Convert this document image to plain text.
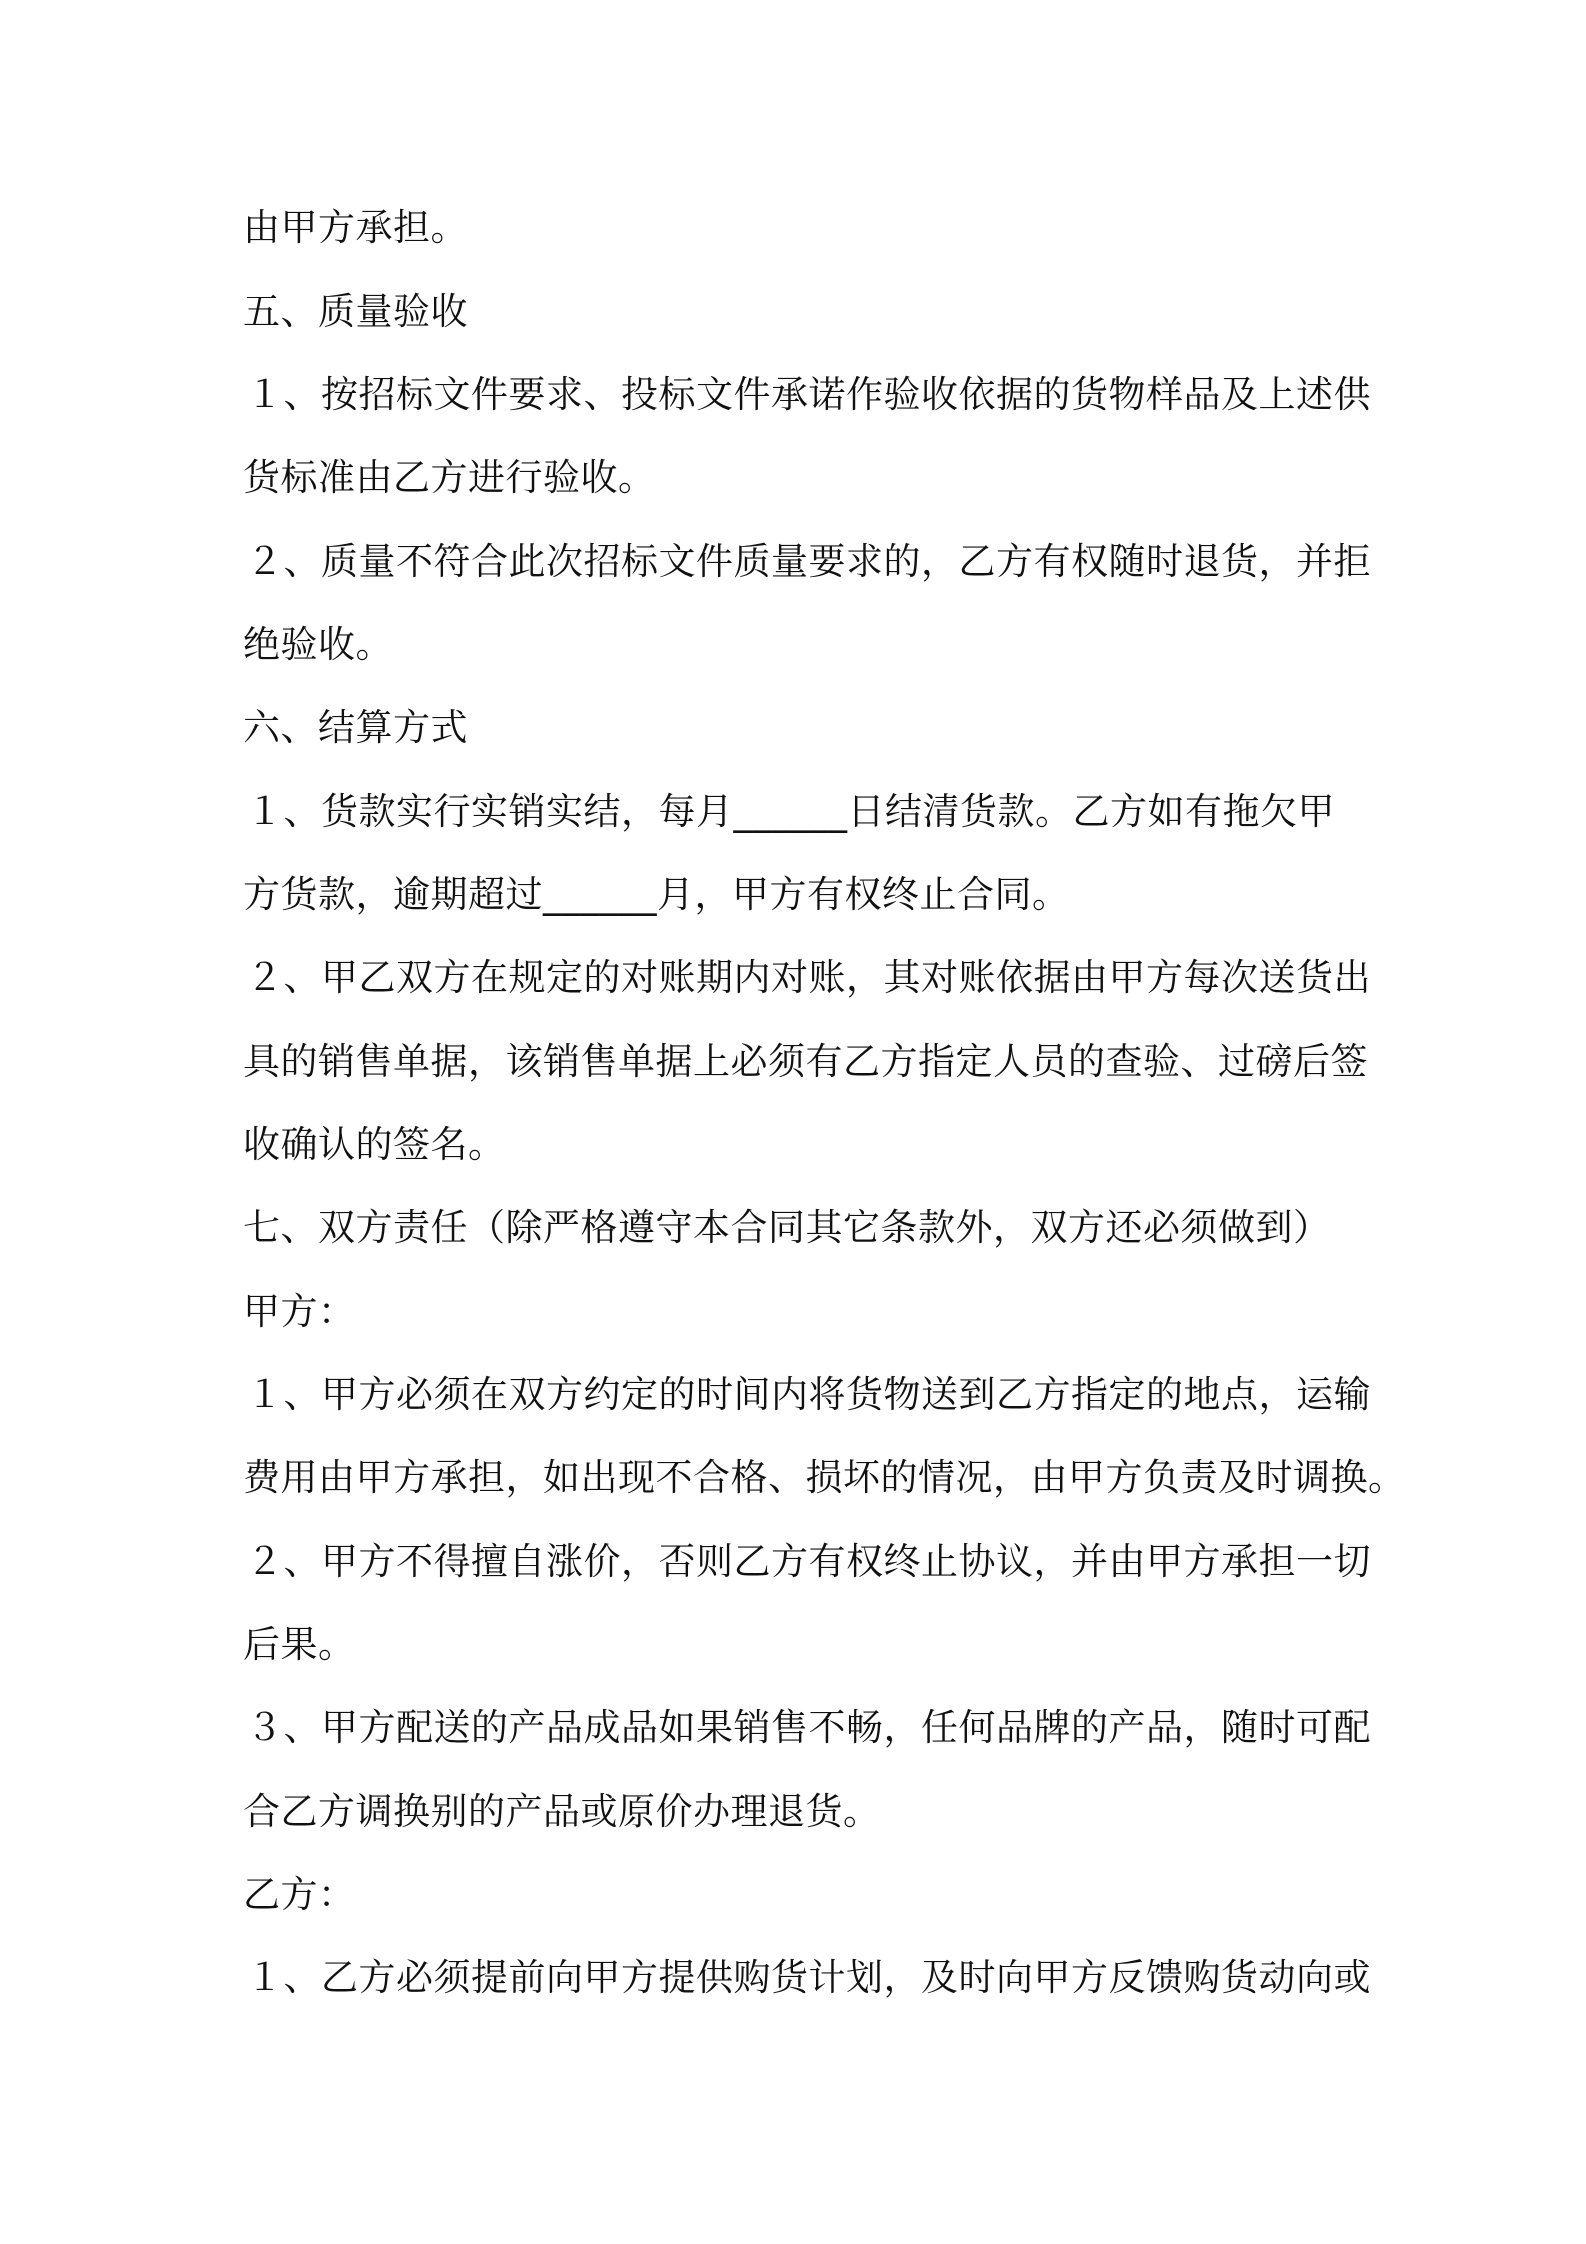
由甲方承担。
五、质量验收
１、按招标文件要求、投标文件承诺作验收依据的货物样品及上述供
货标准由乙方进行验收。
２、质量不符合此次招标文件质量要求的，乙方有权随时退货，并拒
绝验收。
六、结算方式
１、货款实行实销实结，每月______日结清货款。乙方如有拖欠甲
方货款，逾期超过______月，甲方有权终止合同。
２、甲乙双方在规定的对账期内对账，其对账依据由甲方每次送货出
具的销售单据，该销售单据上必须有乙方指定人员的查验、过磅后签
收确认的签名。
七、双方责任（除严格遵守本合同其它条款外，双方还必须做到）
甲方：
１、甲方必须在双方约定的时间内将货物送到乙方指定的地点，运输
费用由甲方承担，如出现不合格、损坏的情况，由甲方负责及时调换。
２、甲方不得擅自涨价，否则乙方有权终止协议，并由甲方承担一切
后果。
３、甲方配送的产品成品如果销售不畅，任何品牌的产品，随时可配
合乙方调换别的产品或原价办理退货。
乙方：
１、乙方必须提前向甲方提供购货计划，及时向甲方反馈购货动向或
